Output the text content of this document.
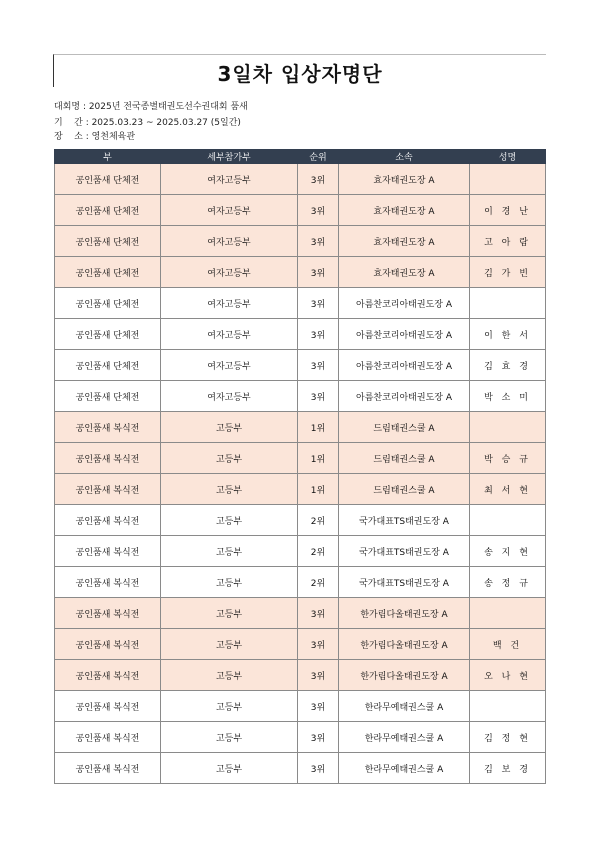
3일차 입상자명단
대회명 : 2025년 전국종별태권도선수권대회 품새
기    간 : 2025.03.23 ~ 2025.03.27 (5일간)
장    소 : 영천체육관
부	세부참가부	순위	소속	성명
공인품새 단체전	여자고등부	3위	효자태권도장 A	
공인품새 단체전	여자고등부	3위	효자태권도장 A	이 경 난
공인품새 단체전	여자고등부	3위	효자태권도장 A	고 아 람
공인품새 단체전	여자고등부	3위	효자태권도장 A	김 가 빈
공인품새 단체전	여자고등부	3위	아름찬코리아태권도장 A	
공인품새 단체전	여자고등부	3위	아름찬코리아태권도장 A	이 한 서
공인품새 단체전	여자고등부	3위	아름찬코리아태권도장 A	김 효 경
공인품새 단체전	여자고등부	3위	아름찬코리아태권도장 A	박 소 미
공인품새 복식전	고등부	1위	드림태권스쿨 A	
공인품새 복식전	고등부	1위	드림태권스쿨 A	박 승 규
공인품새 복식전	고등부	1위	드림태권스쿨 A	최 서 현
공인품새 복식전	고등부	2위	국가대표TS태권도장 A	
공인품새 복식전	고등부	2위	국가대표TS태권도장 A	송 지 현
공인품새 복식전	고등부	2위	국가대표TS태권도장 A	송 정 규
공인품새 복식전	고등부	3위	한가림다올태권도장 A	
공인품새 복식전	고등부	3위	한가림다올태권도장 A	백 건
공인품새 복식전	고등부	3위	한가림다올태권도장 A	오 나 현
공인품새 복식전	고등부	3위	한라무예태권스쿨 A	
공인품새 복식전	고등부	3위	한라무예태권스쿨 A	김 정 현
공인품새 복식전	고등부	3위	한라무예태권스쿨 A	김 보 경
